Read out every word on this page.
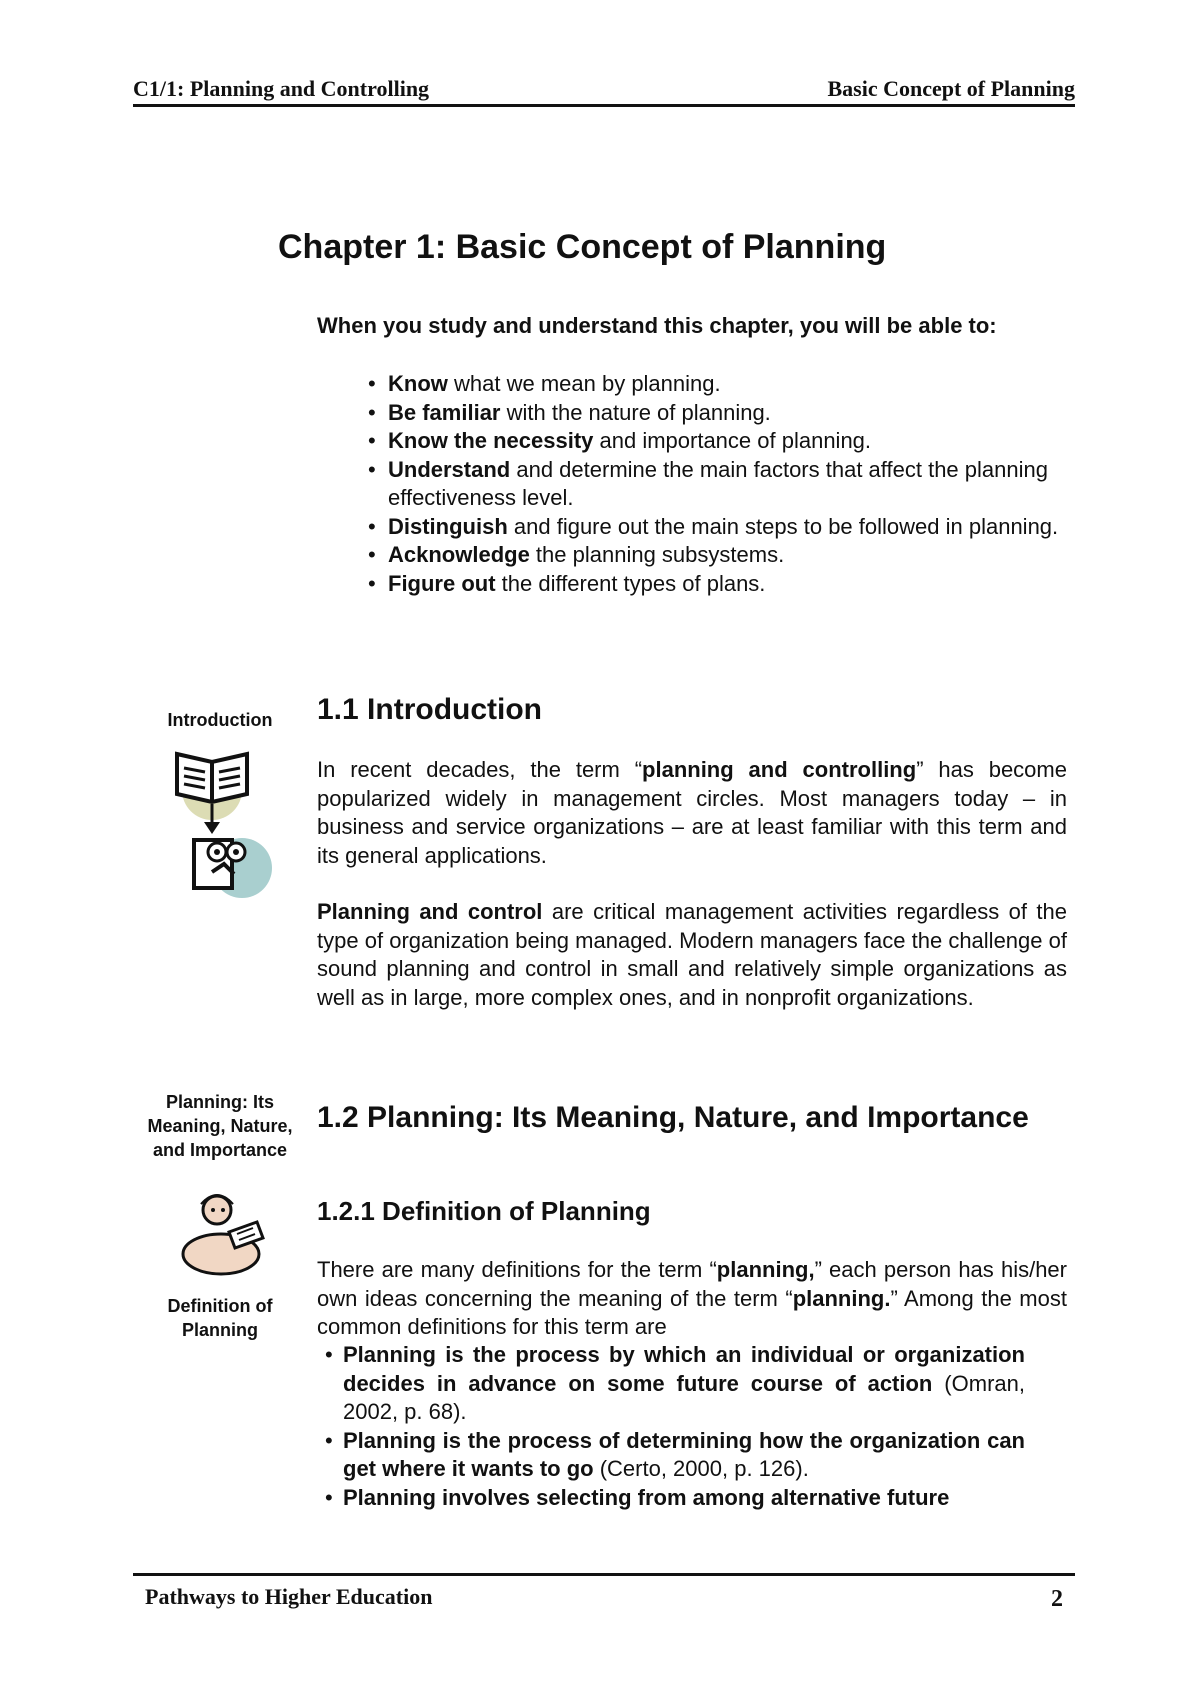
C1/1: Planning and Controlling	Basic Concept of Planning
Chapter 1: Basic Concept of Planning

When you study and understand this chapter, you will be able to:

• Know what we mean by planning.
• Be familiar with the nature of planning.
• Know the necessity and importance of planning.
• Understand and determine the main factors that affect the planning effectiveness level.
• Distinguish and figure out the main steps to be followed in planning.
• Acknowledge the planning subsystems.
• Figure out the different types of plans.
Introduction	1.1 Introduction

In recent decades, the term “planning and controlling” has become popularized widely in management circles. Most managers today – in business and service organizations – are at least familiar with this term and its general applications.

Planning and control are critical management activities regardless of the type of organization being managed. Modern managers face the challenge of sound planning and control in small and relatively simple organizations as well as in large, more complex ones, and in nonprofit organizations.

Planning: Its Meaning, Nature, and Importance
Definition of Planning
1.2 Planning: Its Meaning, Nature, and Importance
1.2.1 Definition of Planning

There are many definitions for the term “planning,” each person has his/her own ideas concerning the meaning of the term “planning.” Among the most common definitions for this term are

• Planning is the process by which an individual or organization decides in advance on some future course of action (Omran, 2002, p. 68).
• Planning is the process of determining how the organization can get where it wants to go (Certo, 2000, p. 126).
• Planning involves selecting from among alternative future
Pathways to Higher Education	2
